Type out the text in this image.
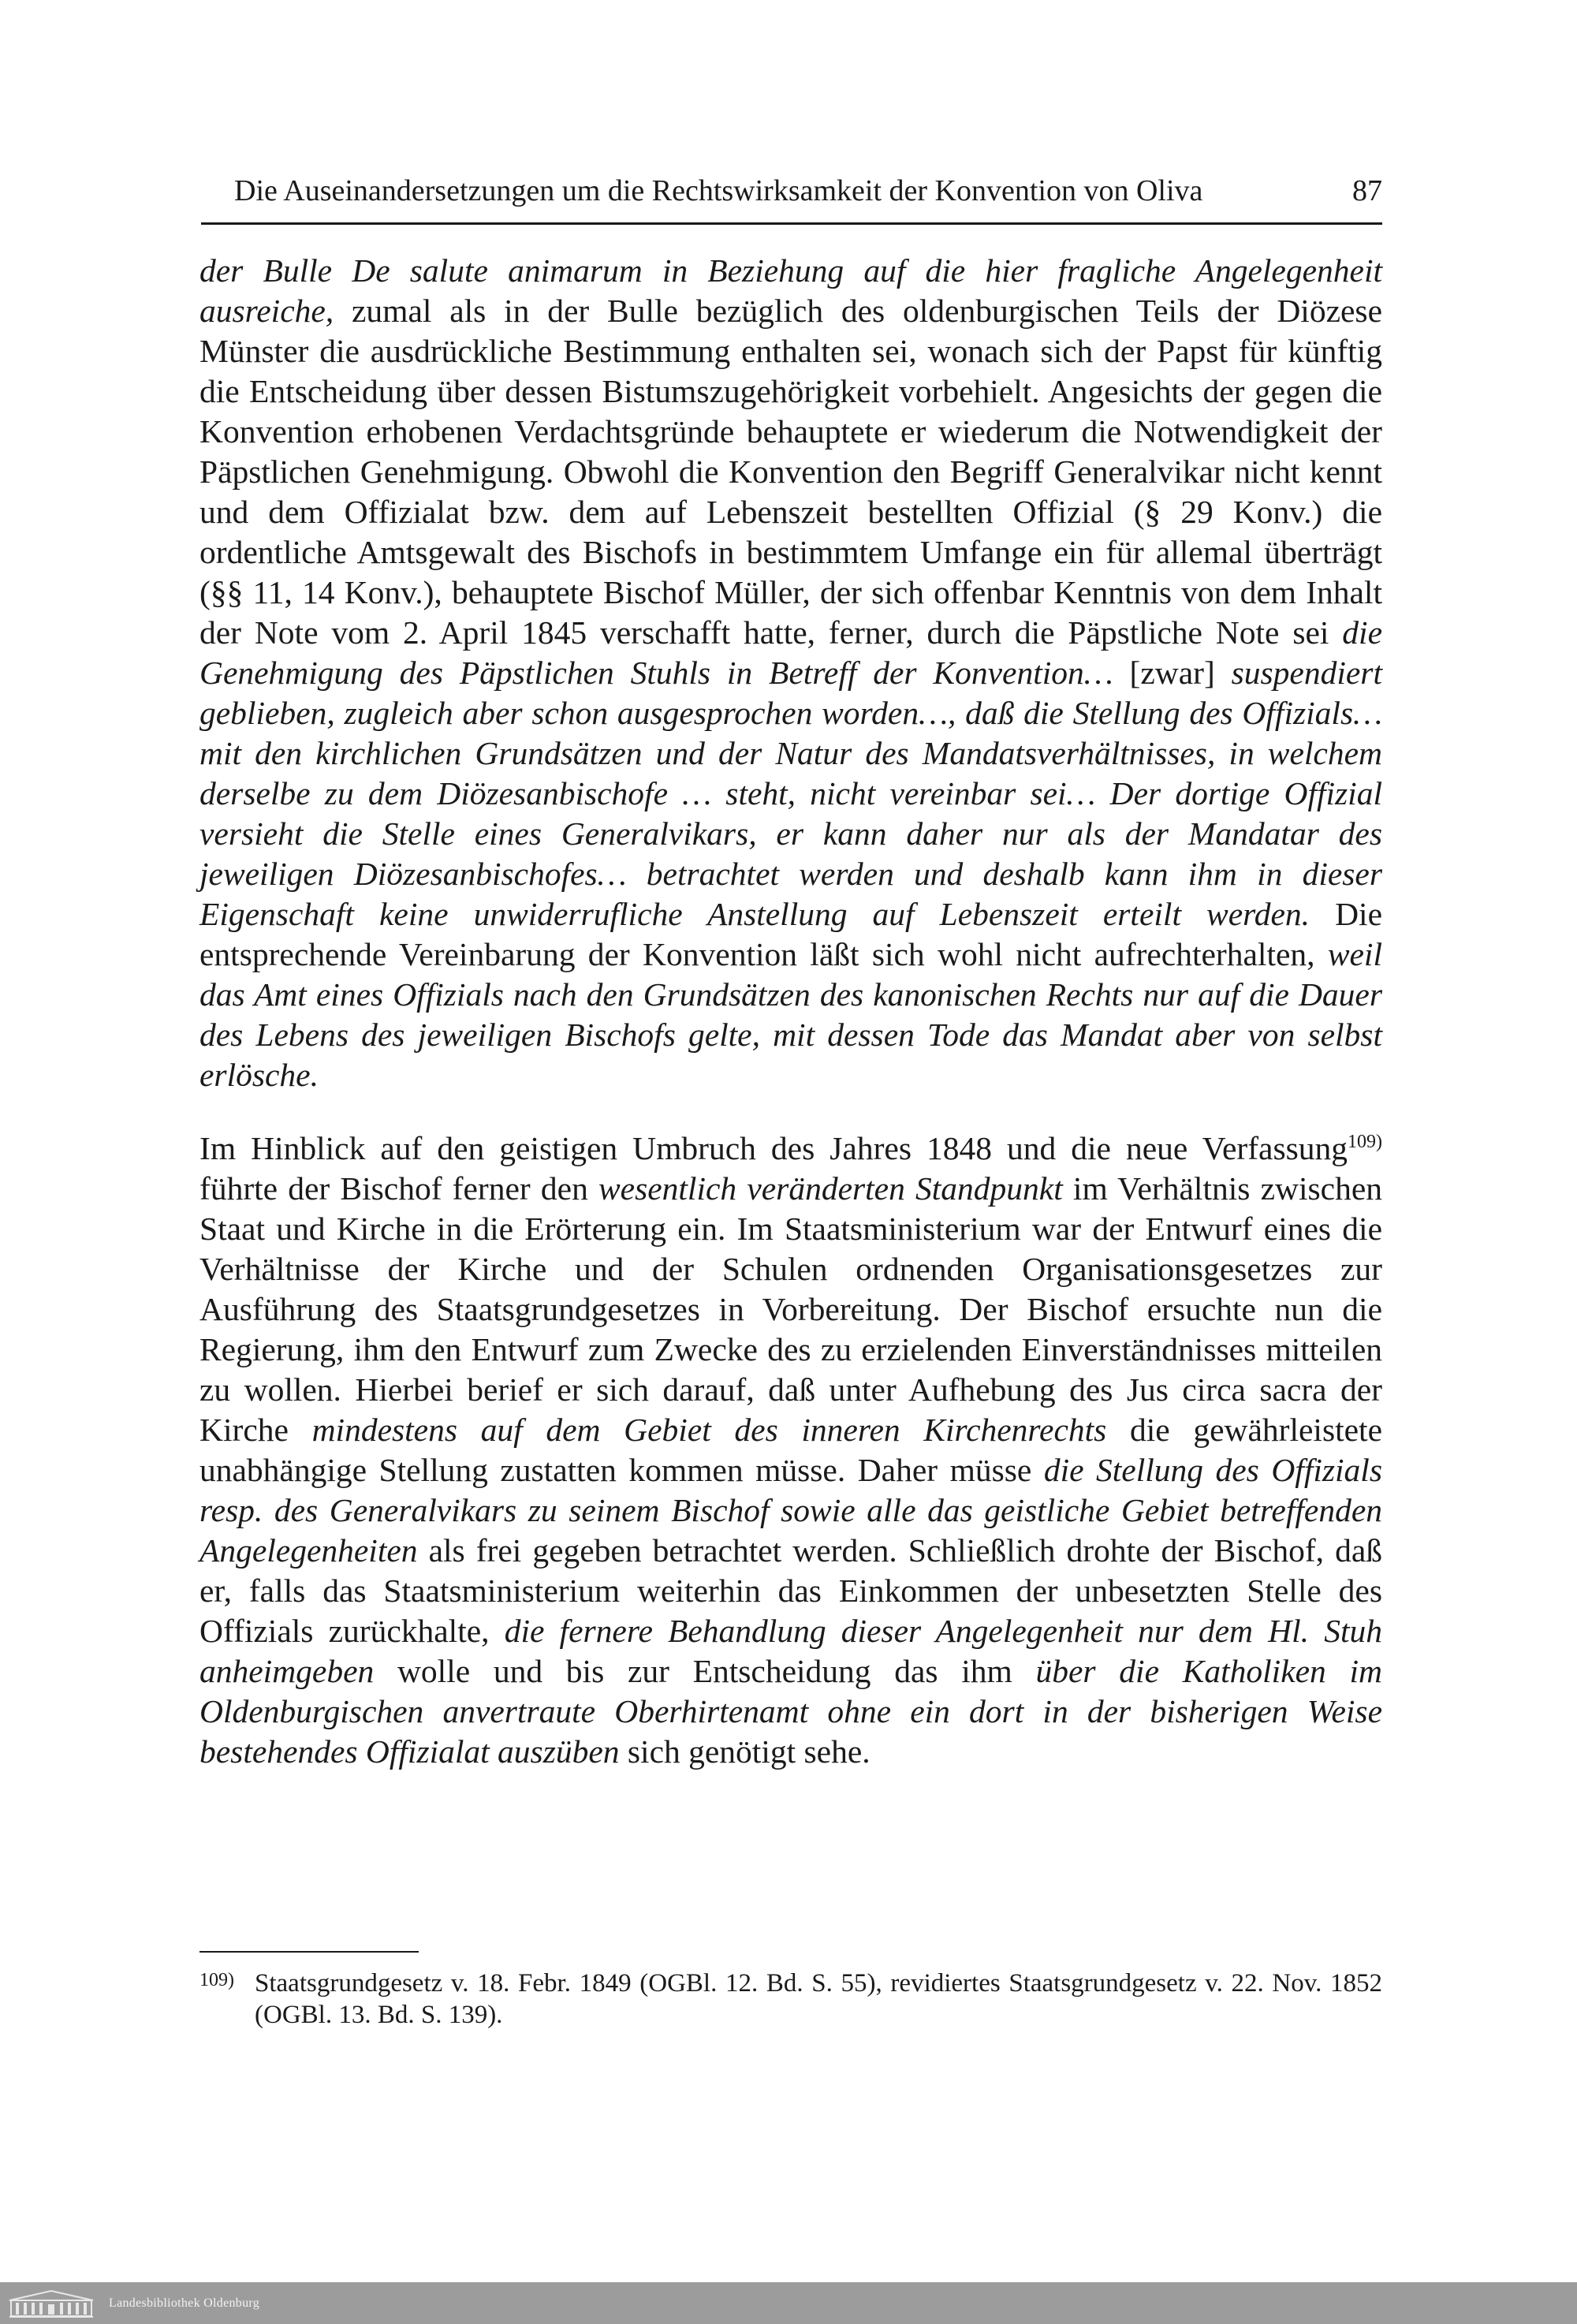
Die Auseinandersetzungen um die Rechtswirksamkeit der Konvention von Oliva	87

der Bulle De salute animarum in Beziehung auf die hier fragliche Angelegenheit ausreiche, zumal als in der Bulle bezüglich des oldenburgischen Teils der Diözese Münster die ausdrückliche Bestimmung enthalten sei, wonach sich der Papst für künftig die Entscheidung über dessen Bistumszugehörigkeit vorbehielt. Angesichts der gegen die Konvention erhobenen Verdachtsgründe behauptete er wiederum die Notwendigkeit der Päpstlichen Genehmigung. Obwohl die Konvention den Begriff Generalvikar nicht kennt und dem Offizialat bzw. dem auf Lebenszeit bestellten Offizial (§ 29 Konv.) die ordentliche Amtsgewalt des Bischofs in bestimmtem Umfange ein für allemal überträgt (§§ 11, 14 Konv.), behauptete Bischof Müller, der sich offenbar Kenntnis von dem Inhalt der Note vom 2. April 1845 verschafft hatte, ferner, durch die Päpstliche Note sei die Genehmigung des Päpstlichen Stuhls in Betreff der Konvention… [zwar] suspendiert geblieben, zugleich aber schon ausgesprochen worden…, daß die Stellung des Offizials… mit den kirchlichen Grundsätzen und der Natur des Mandatsverhältnisses, in welchem derselbe zu dem Diözesanbischofe … steht, nicht vereinbar sei… Der dortige Offizial versieht die Stelle eines Generalvikars, er kann daher nur als der Mandatar des jeweiligen Diözesanbischofes… betrachtet werden und deshalb kann ihm in dieser Eigenschaft keine unwiderrufliche Anstellung auf Lebenszeit erteilt werden. Die entsprechende Vereinbarung der Konvention läßt sich wohl nicht aufrechterhalten, weil das Amt eines Offizials nach den Grundsätzen des kanonischen Rechts nur auf die Dauer des Lebens des jeweiligen Bischofs gelte, mit dessen Tode das Mandat aber von selbst erlösche.

Im Hinblick auf den geistigen Umbruch des Jahres 1848 und die neue Verfassung$^{109)}$ führte der Bischof ferner den wesentlich veränderten Standpunkt im Verhältnis zwischen Staat und Kirche in die Erörterung ein. Im Staatsministerium war der Entwurf eines die Verhältnisse der Kirche und der Schulen ordnenden Organisationsgesetzes zur Ausführung des Staatsgrundgesetzes in Vorbereitung. Der Bischof ersuchte nun die Regierung, ihm den Entwurf zum Zwecke des zu erzielenden Einverständnisses mitteilen zu wollen. Hierbei berief er sich darauf, daß unter Aufhebung des Jus circa sacra der Kirche mindestens auf dem Gebiet des inneren Kirchenrechts die gewährleistete unabhängige Stellung zustatten kommen müsse. Daher müsse die Stellung des Offizials resp. des Generalvikars zu seinem Bischof sowie alle das geistliche Gebiet betreffenden Angelegenheiten als frei gegeben betrachtet werden. Schließlich drohte der Bischof, daß er, falls das Staatsministerium weiterhin das Einkommen der unbesetzten Stelle des Offizials zurückhalte, die fernere Behandlung dieser Angelegenheit nur dem Hl. Stuh anheimgeben wolle und bis zur Entscheidung das ihm über die Katholiken im Oldenburgischen anvertraute Oberhirtenamt ohne ein dort in der bisherigen Weise bestehendes Offizialat auszüben sich genötigt sehe.

109) Staatsgrundgesetz v. 18. Febr. 1849 (OGBl. 12. Bd. S. 55), revidiertes Staatsgrundgesetz v. 22. Nov. 1852 (OGBl. 13. Bd. S. 139).
Landesbibliothek Oldenburg
